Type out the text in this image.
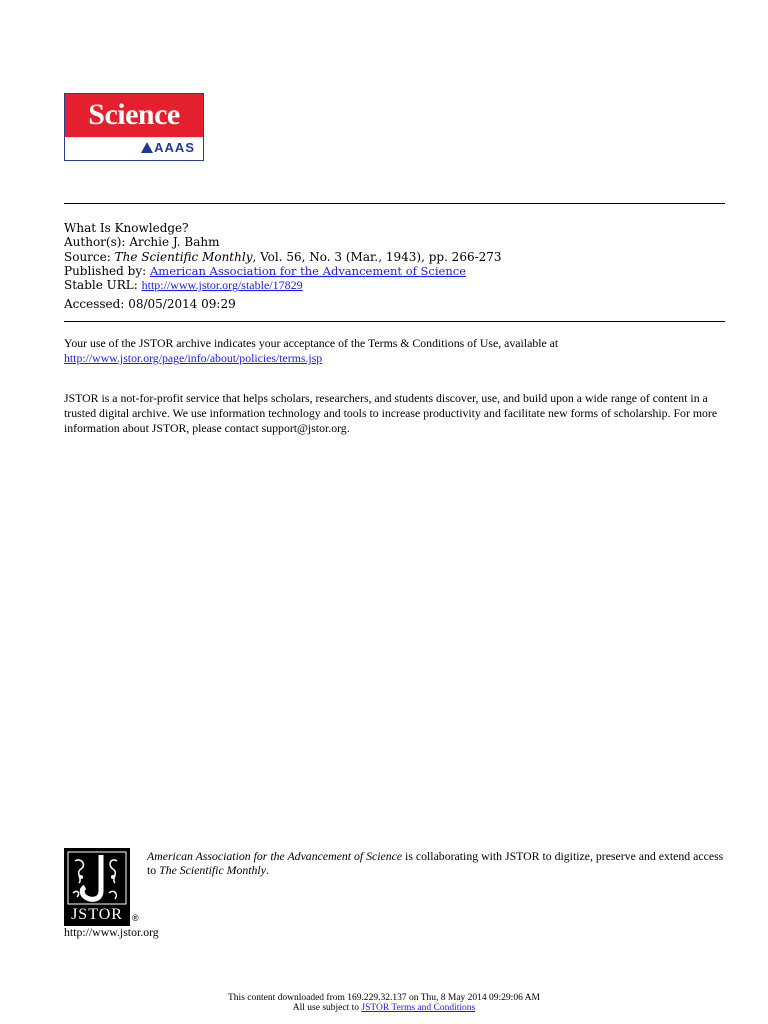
Science
AAAS
What Is Knowledge?
Author(s): Archie J. Bahm
Source: The Scientific Monthly, Vol. 56, No. 3 (Mar., 1943), pp. 266-273
Published by: American Association for the Advancement of Science
Stable URL: http://www.jstor.org/stable/17829
Accessed: 08/05/2014 09:29
Your use of the JSTOR archive indicates your acceptance of the Terms & Conditions of Use, available at
http://www.jstor.org/page/info/about/policies/terms.jsp
JSTOR is a not-for-profit service that helps scholars, researchers, and students discover, use, and build upon a wide range of content in a trusted digital archive. We use information technology and tools to increase productivity and facilitate new forms of scholarship. For more information about JSTOR, please contact support@jstor.org.
JSTOR	®
http://www.jstor.org
American Association for the Advancement of Science is collaborating with JSTOR to digitize, preserve and extend access to The Scientific Monthly.
This content downloaded from 169.229.32.137 on Thu, 8 May 2014 09:29:06 AM
All use subject to JSTOR Terms and Conditions
